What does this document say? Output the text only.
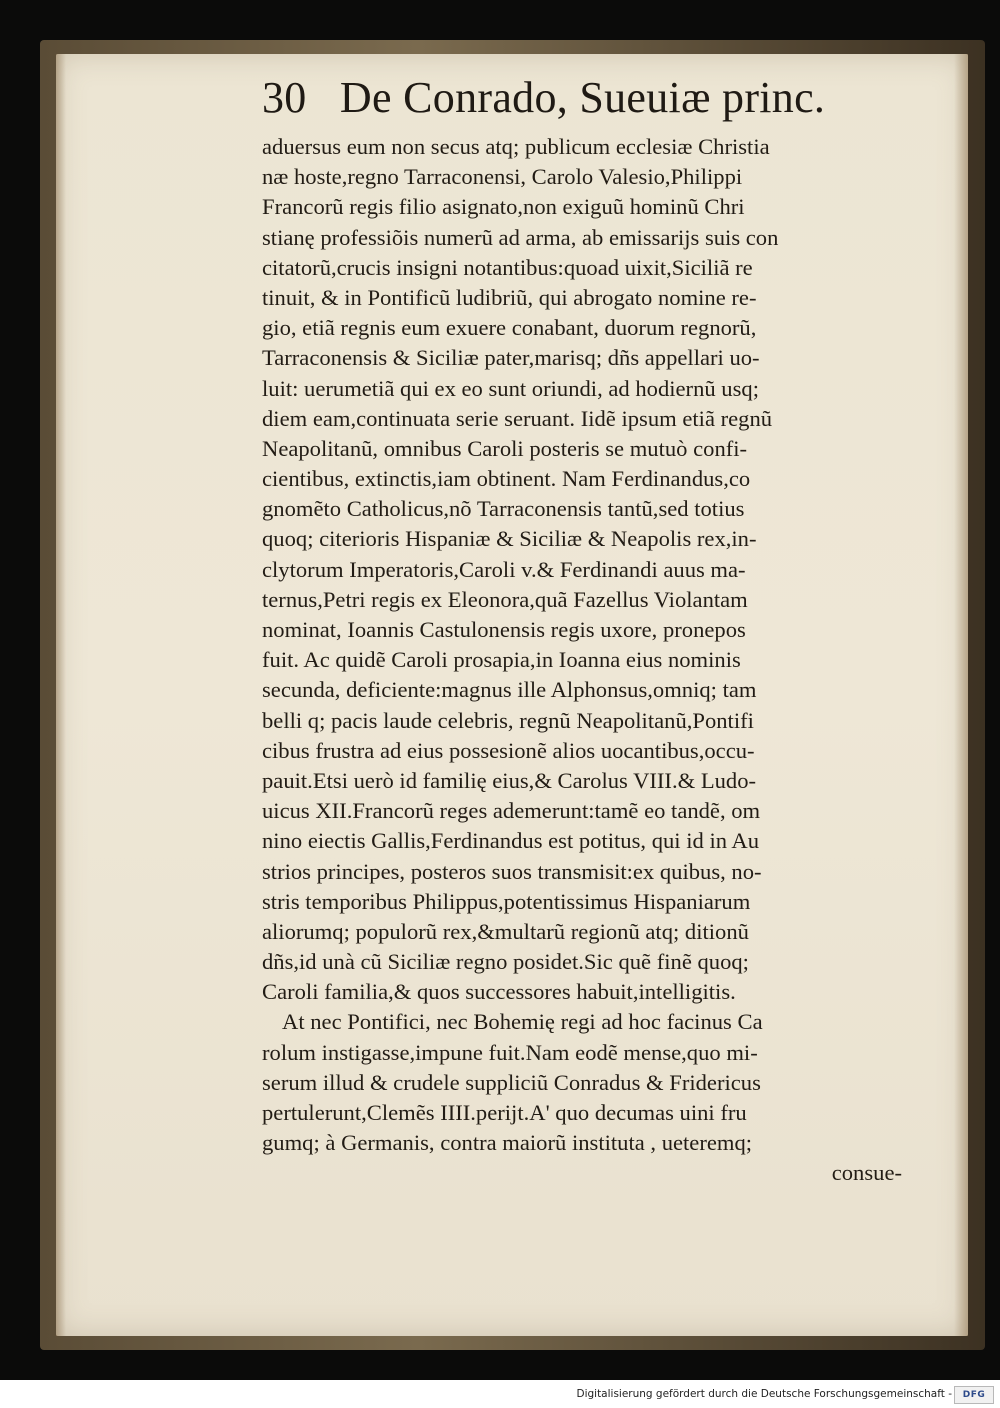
30 De Conrado, Sueuiæ princ.
aduersus eum non secus atq; publicum ecclesiæ Christia
næ hoste,regno Tarraconensi, Carolo Valesio,Philippi
Francorũ regis filio asignato,non exiguũ hominũ Chri
stianę professiõis numerũ ad arma, ab emissariјs suis con
citatorũ,crucis insigni notantibus:quoad uixit,Siciliã re
tinuit, & in Pontificũ ludibriũ, qui abrogato nomine re-
gio, etiã regnis eum exuere conabant, duorum regnorũ,
Tarraconensis & Siciliæ pater,marisq; dñs appellari uo-
luit: uerumetiã qui ex eo sunt oriundi, ad hodiernũ usq;
diem eam,continuata serie seruant. Iidẽ ipsum etiã regnũ
Neapolitanũ, omnibus Caroli posteris se mutuò confi-
cientibus, extinctis,iam obtinent. Nam Ferdinandus,co
gnomẽto Catholicus,nõ Tarraconensis tantũ,sed totius
quoq; citerioris Hispaniæ & Siciliæ & Neapolis rex,in-
clytorum Imperatoris,Caroli v.& Ferdinandi auus ma-
ternus,Petri regis ex Eleonora,quã Fazellus Violantam
nominat, Ioannis Castulonensis regis uxore, pronepos
fuit. Ac quidẽ Caroli prosapia,in Ioanna eius nominis
secunda, deficiente:magnus ille Alphonsus,omniq; tam
belli q; pacis laude celebris, regnũ Neapolitanũ,Pontifi
cibus frustra ad eius possesionẽ alios uocantibus,occu-
pauit.Etsi uerò id familię eius,& Carolus VIII.& Ludo-
uicus XII.Francorũ reges ademerunt:tamẽ eo tandẽ, om
nino eiectis Gallis,Ferdinandus est potitus, qui id in Au
strios principes, posteros suos transmisit:ex quibus, no-
stris temporibus Philippus,potentissimus Hispaniarum
aliorumq; populorũ rex,&multarũ regionũ atq; ditionũ
dñs,id unà cũ Siciliæ regno posidet.Sic quẽ finẽ quoq;
Caroli familia,& quos successores habuit,intelligitis.
At nec Pontifici, nec Bohemię regi ad hoc facinus Ca
rolum instigasse,impune fuit.Nam eodẽ mense,quo mi-
serum illud & crudele suppliciũ Conradus & Fridericus
pertulerunt,Clemẽs IIII.periјt.A' quo decumas uini fru
gumq; à Germanis, contra maiorũ instituta , ueteremq;
consue-
Digitalisierung gefördert durch die Deutsche Forschungsgemeinschaft -	DFG
